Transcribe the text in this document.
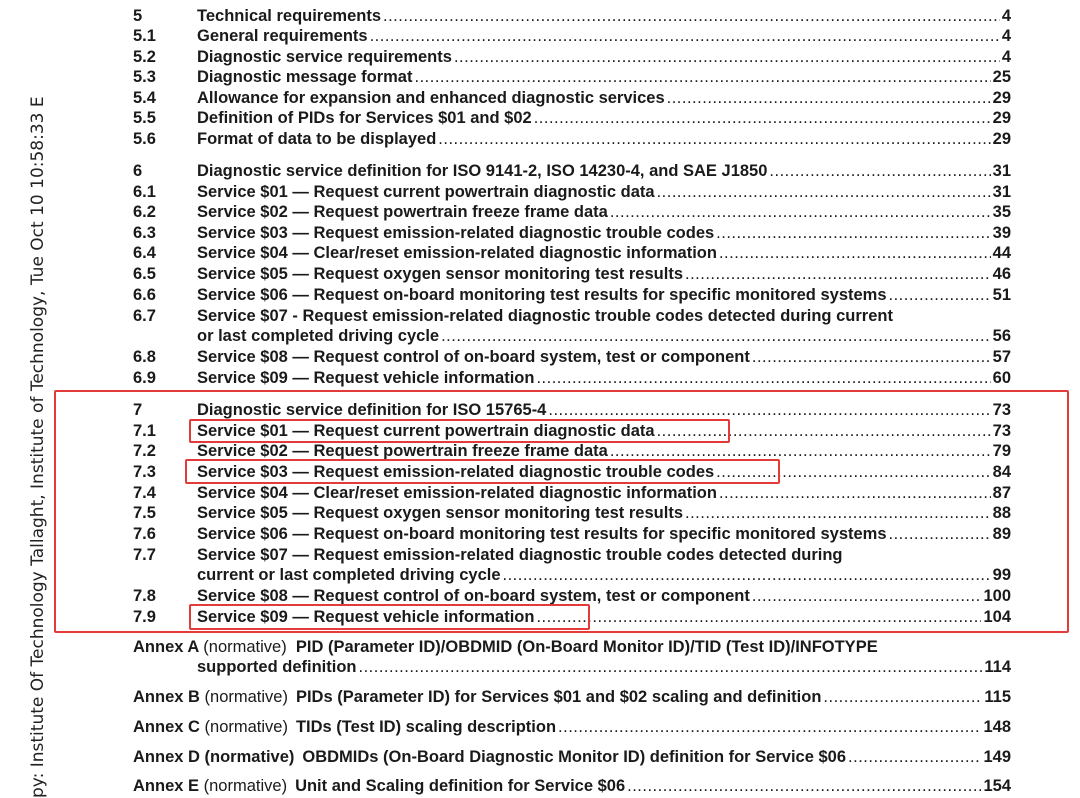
py: Institute Of Technology Tallaght, Institute of Technology, Tue Oct 10 10:58:33 E
5	Technical requirements .....	4
5.1	General requirements .....	4
5.2	Diagnostic service requirements .....	4
5.3	Diagnostic message format .....	25
5.4	Allowance for expansion and enhanced diagnostic services .....	29
5.5	Definition of PIDs for Services $01 and $02 .....	29
5.6	Format of data to be displayed .....	29
6	Diagnostic service definition for ISO 9141-2, ISO 14230-4, and SAE J1850 .....	31
6.1	Service $01 — Request current powertrain diagnostic data .....	31
6.2	Service $02 — Request powertrain freeze frame data .....	35
6.3	Service $03 — Request emission-related diagnostic trouble codes .....	39
6.4	Service $04 — Clear/reset emission-related diagnostic information .....	44
6.5	Service $05 — Request oxygen sensor monitoring test results .....	46
6.6	Service $06 — Request on-board monitoring test results for specific monitored systems .....	51
6.7	Service $07 - Request emission-related diagnostic trouble codes detected during current
or last completed driving cycle .....	56
6.8	Service $08 — Request control of on-board system, test or component .....	57
6.9	Service $09 — Request vehicle information .....	60
7	Diagnostic service definition for ISO 15765-4 .....	73
7.1	Service $01 — Request current powertrain diagnostic data .....	73
7.2	Service $02 — Request powertrain freeze frame data .....	79
7.3	Service $03 — Request emission-related diagnostic trouble codes .....	84
7.4	Service $04 — Clear/reset emission-related diagnostic information .....	87
7.5	Service $05 — Request oxygen sensor monitoring test results .....	88
7.6	Service $06 — Request on-board monitoring test results for specific monitored systems .....	89
7.7	Service $07 — Request emission-related diagnostic trouble codes detected during
current or last completed driving cycle .....	99
7.8	Service $08 — Request control of on-board system, test or component .....	100
7.9	Service $09 — Request vehicle information .....	104
Annex A (normative) PID (Parameter ID)/OBDMID (On-Board Monitor ID)/TID (Test ID)/INFOTYPE
supported definition .....	114
Annex B (normative) PIDs (Parameter ID) for Services $01 and $02 scaling and definition .....	115
Annex C (normative) TIDs (Test ID) scaling description .....	148
Annex D (normative) OBDMIDs (On-Board Diagnostic Monitor ID) definition for Service $06 .....	149
Annex E (normative) Unit and Scaling definition for Service $06 .....	154
